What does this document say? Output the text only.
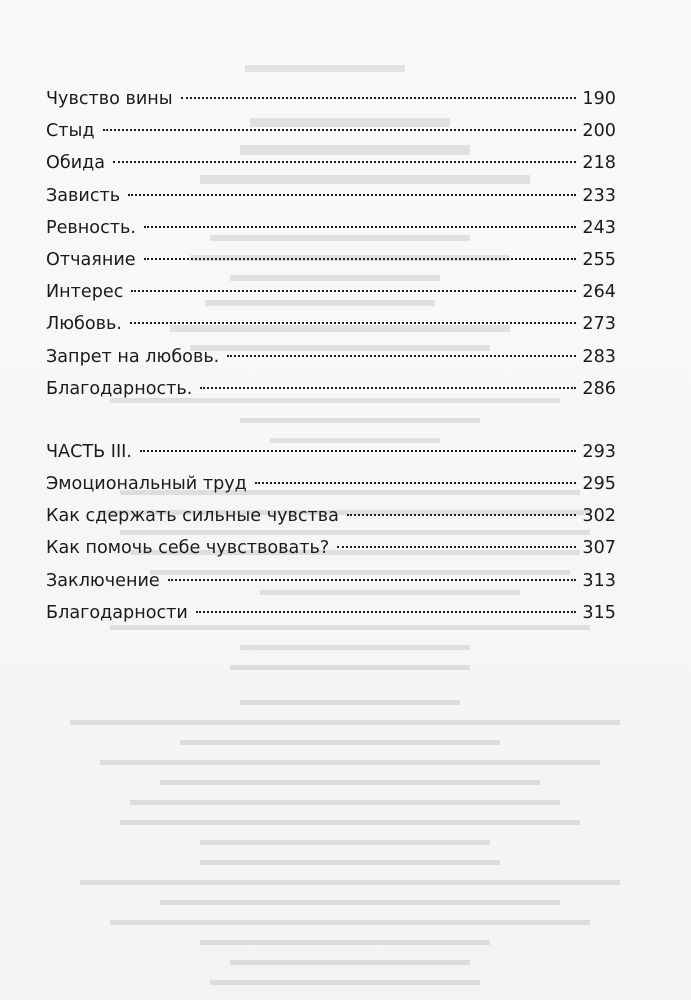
Чувство вины	190
Стыд	200
Обида	218
Зависть	233
Ревность.	243
Отчаяние	255
Интерес	264
Любовь.	273
Запрет на любовь.	283
Благодарность.	286
ЧАСТЬ III.	293
Эмоциональный труд	295
Как сдержать сильные чувства	302
Как помочь себе чувствовать?	307
Заключение	313
Благодарности	315
